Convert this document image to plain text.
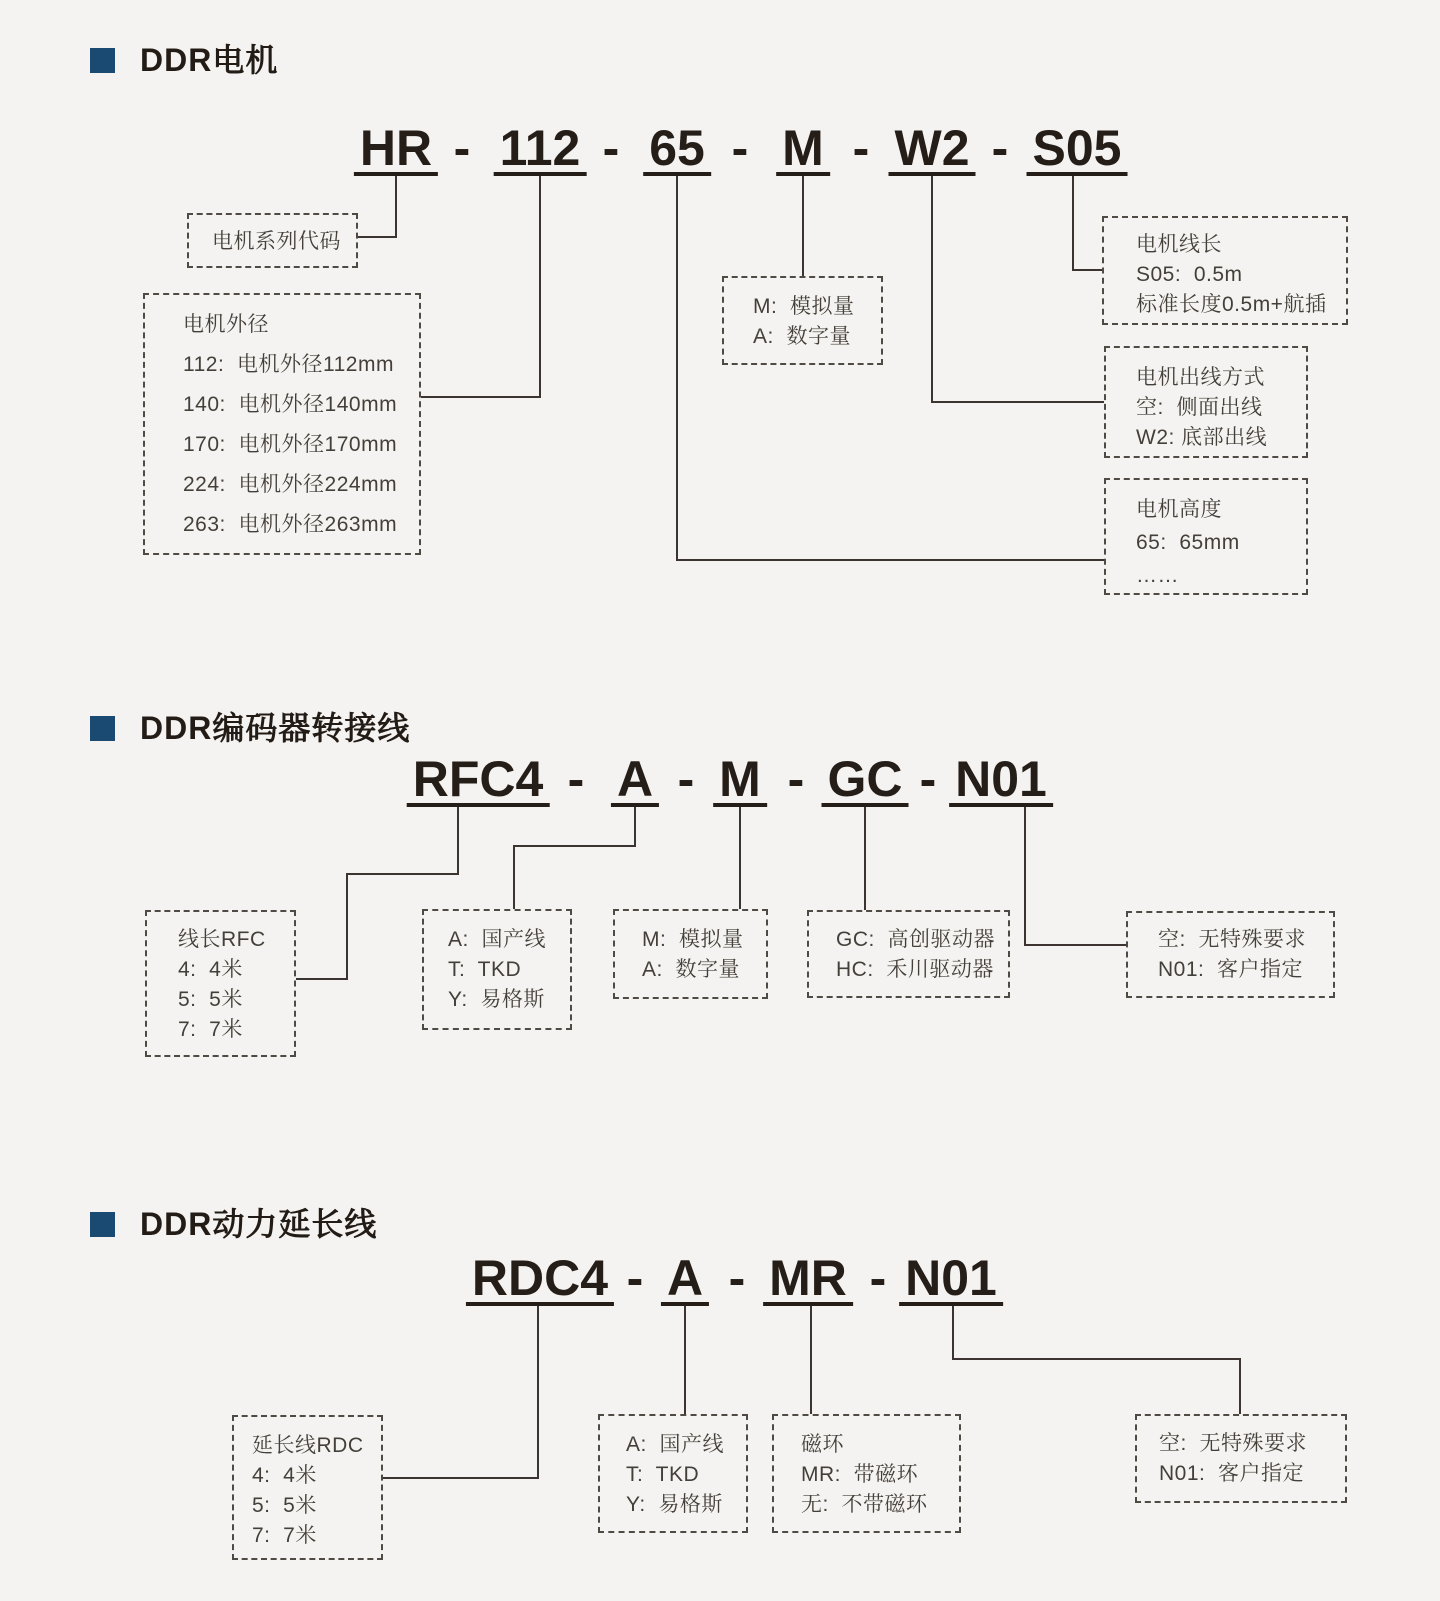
DDR电机
HR - 112 - 65 - M - W2 - S05
电机系列代码
电机外径
112:  电机外径112mm
140:  电机外径140mm
170:  电机外径170mm
224:  电机外径224mm
263:  电机外径263mm
M:  模拟量
A:  数字量
电机线长
S05:  0.5m
标准长度0.5m+航插
电机出线方式
空:  侧面出线
W2: 底部出线
电机高度
65:  65mm
……
DDR编码器转接线
RFC4 - A - M - GC - N01
线长RFC
4:  4米
5:  5米
7:  7米
A:  国产线
T:  TKD
Y:  易格斯
M:  模拟量
A:  数字量
GC:  高创驱动器
HC:  禾川驱动器
空:  无特殊要求
N01:  客户指定
DDR动力延长线
RDC4 - A - MR - N01
延长线RDC
4:  4米
5:  5米
7:  7米
A:  国产线
T:  TKD
Y:  易格斯
磁环
MR:  带磁环
无:  不带磁环
空:  无特殊要求
N01:  客户指定
